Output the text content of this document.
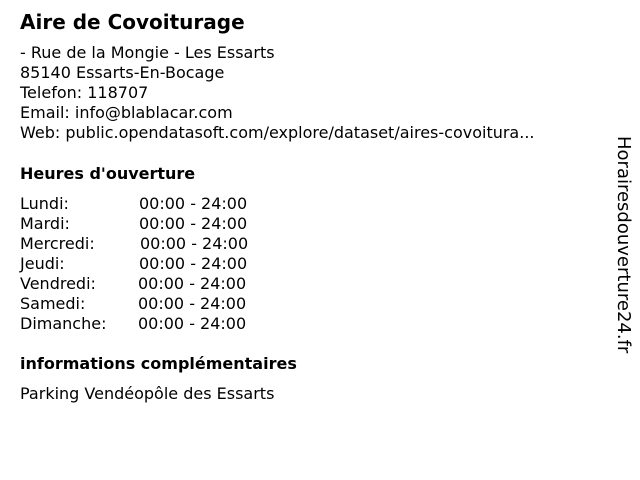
Aire de Covoiturage
- Rue de la Mongie - Les Essarts
85140 Essarts-En-Bocage
Telefon: 118707
Email: info@blablacar.com
Web: public.opendatasoft.com/explore/dataset/aires-covoitura...
Heures d'ouverture
Lundi:	00:00 - 24:00
Mardi:	00:00 - 24:00
Mercredi:	00:00 - 24:00
Jeudi:	00:00 - 24:00
Vendredi:	00:00 - 24:00
Samedi:	00:00 - 24:00
Dimanche: 00:00 - 24:00
informations complémentaires
Parking Vendéopôle des Essarts
Horairesdouverture24.fr
